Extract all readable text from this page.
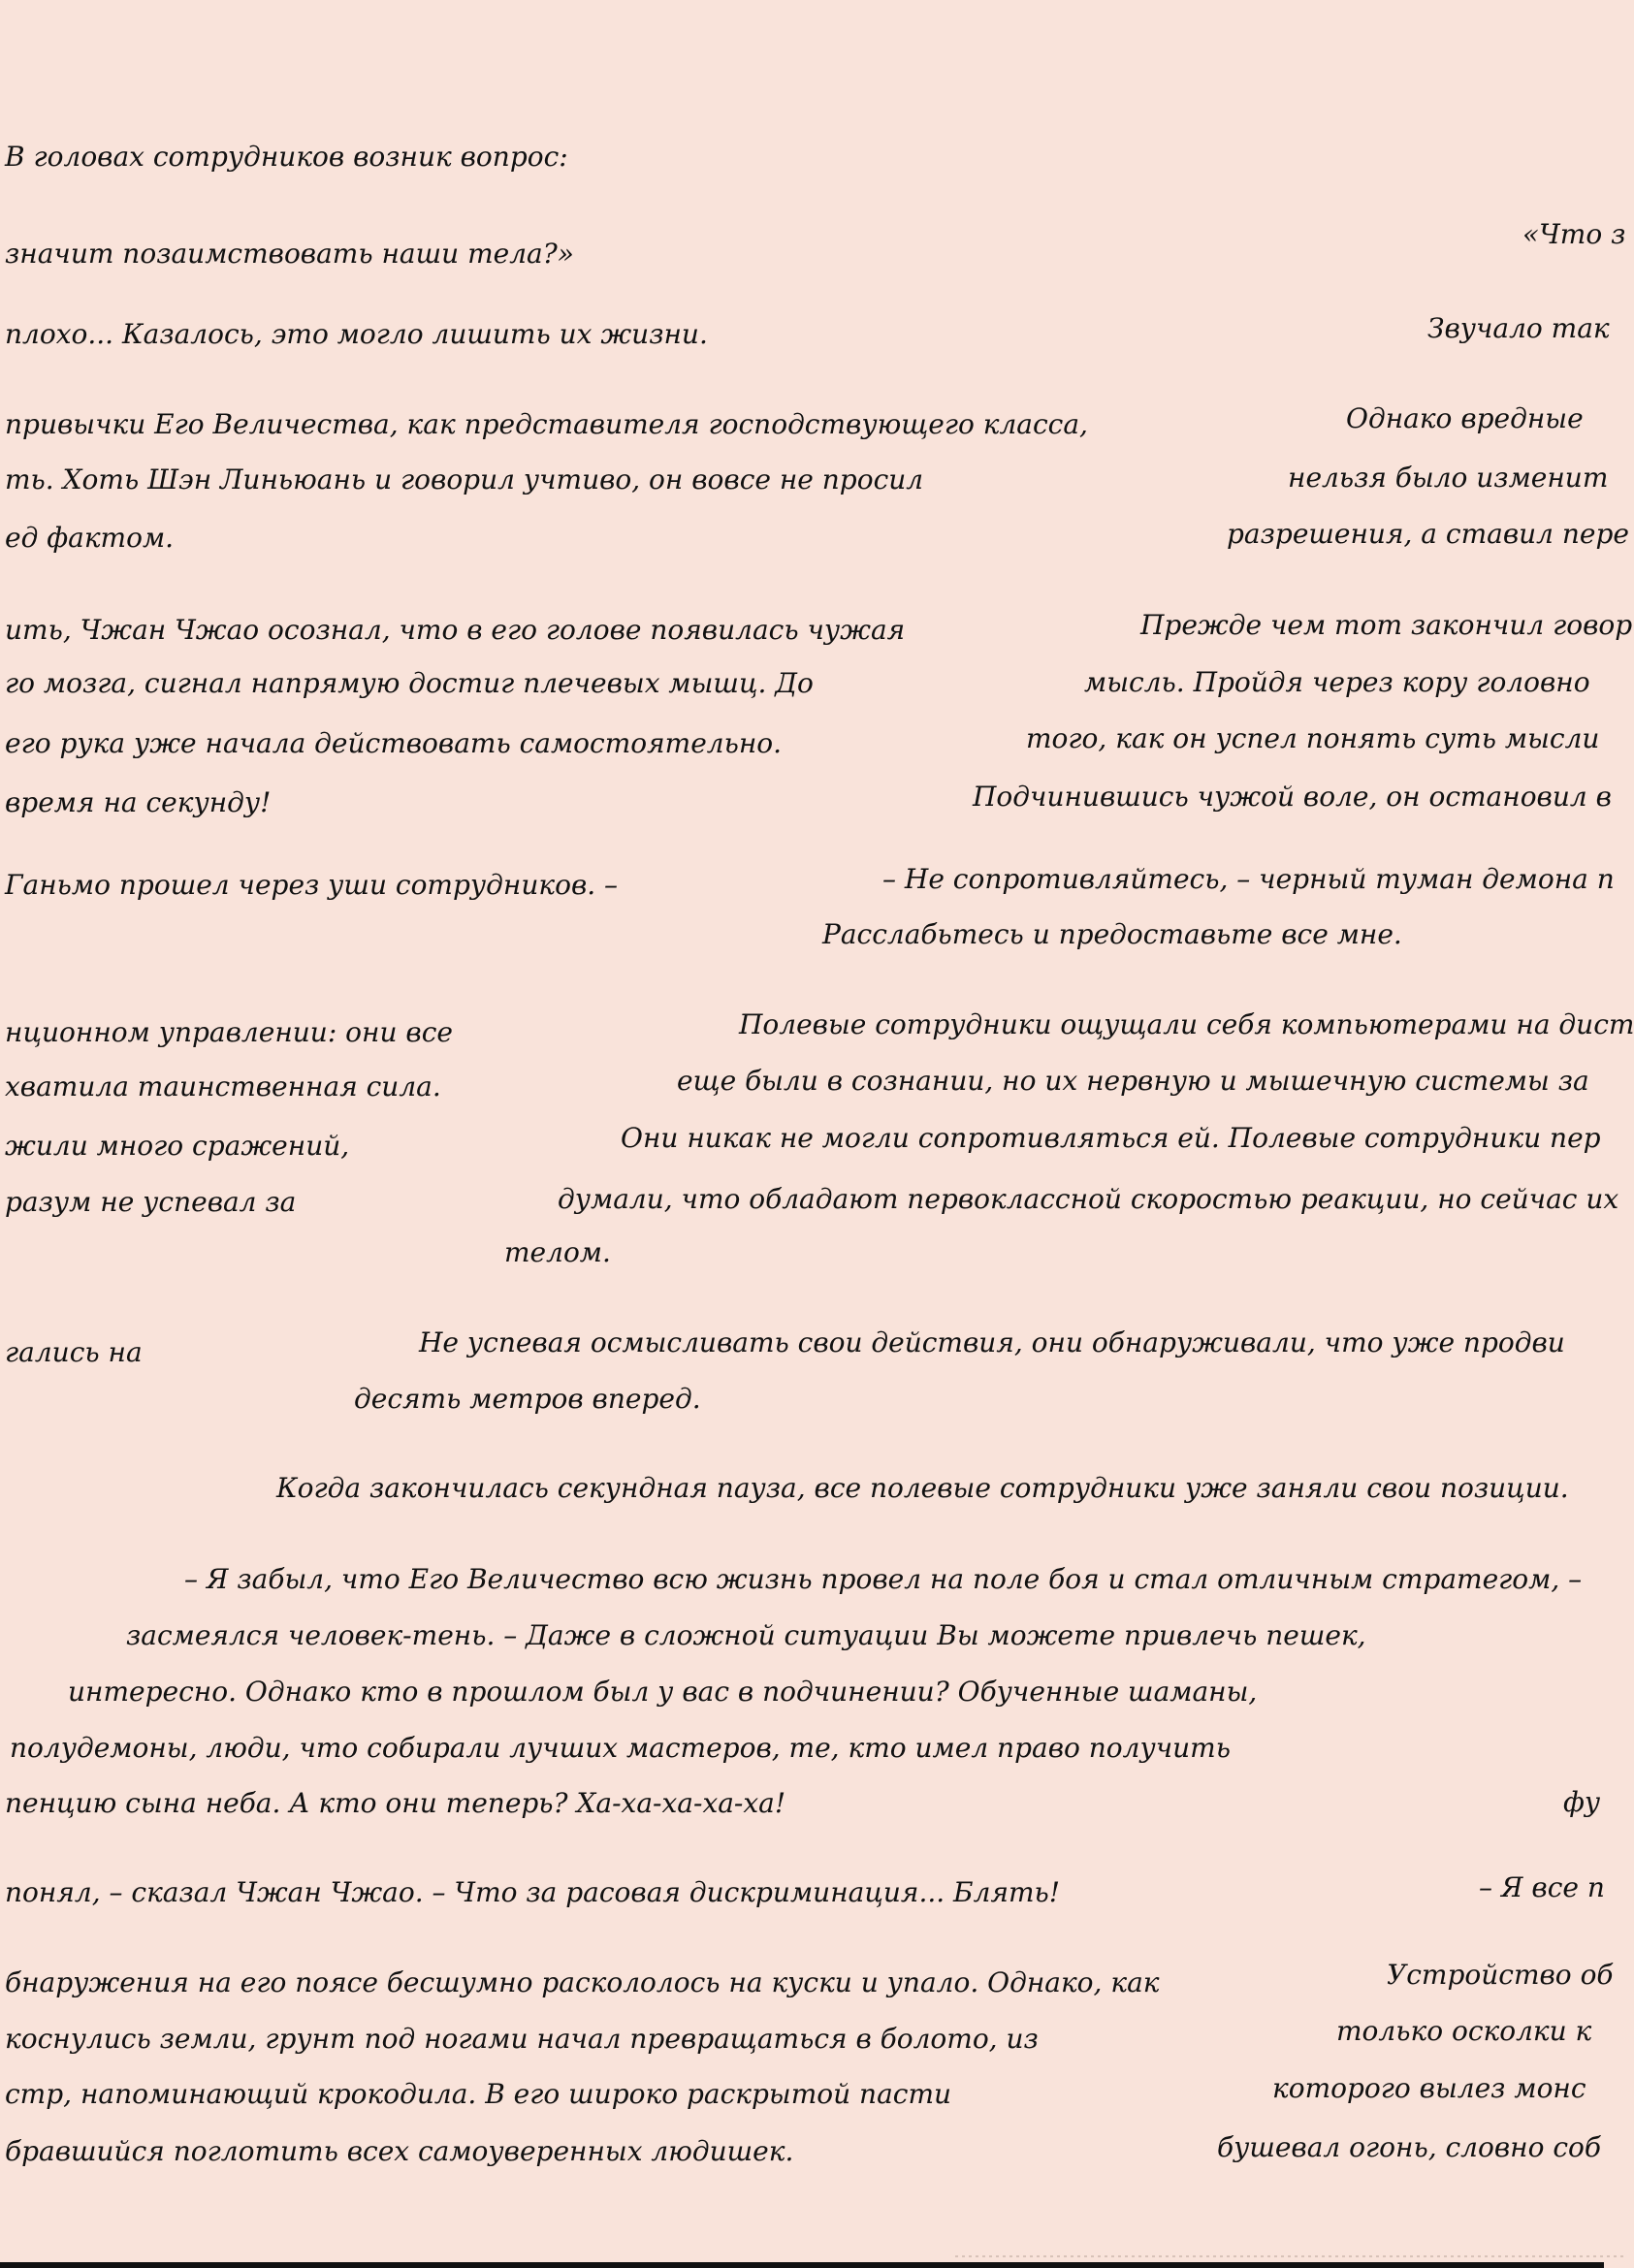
В головах сотрудников возник вопрос:
«Что з
значит позаимствовать наши тела?»
Звучало так
плохо... Казалось, это могло лишить их жизни.
Однако вредные
привычки Его Величества, как представителя господствующего класса,
нельзя было изменит
ть. Хоть Шэн Линьюань и говорил учтиво, он вовсе не просил
разрешения, а ставил пере
ед фактом.
Прежде чем тот закончил говор
ить, Чжан Чжао осознал, что в его голове появилась чужая
мысль. Пройдя через кору головно
го мозга, сигнал напрямую достиг плечевых мышц. До
того, как он успел понять суть мысли
его рука уже начала действовать самостоятельно.
Подчинившись чужой воле, он остановил в
время на секунду!
– Не сопротивляйтесь, – черный туман демона п
Ганьмо прошел через уши сотрудников. –
Расслабьтесь и предоставьте все мне.
Полевые сотрудники ощущали себя компьютерами на дист
нционном управлении: они все
еще были в сознании, но их нервную и мышечную системы за
хватила таинственная сила.
Они никак не могли сопротивляться ей. Полевые сотрудники пер
жили много сражений,
думали, что обладают первоклассной скоростью реакции, но сейчас их
разум не успевал за
телом.
Не успевая осмысливать свои действия, они обнаруживали, что уже продви
гались на
десять метров вперед.
Когда закончилась секундная пауза, все полевые сотрудники уже заняли свои позиции.
– Я забыл, что Его Величество всю жизнь провел на поле боя и стал отличным стратегом, –
засмеялся человек-тень. – Даже в сложной ситуации Вы можете привлечь пешек,
интересно. Однако кто в прошлом был у вас в подчинении? Обученные шаманы,
полудемоны, люди, что собирали лучших мастеров, те, кто имел право получить
фу
пенцию сына неба. А кто они теперь? Ха-ха-ха-ха-ха!
– Я все п
понял, – сказал Чжан Чжао. – Что за расовая дискриминация... Блять!
Устройство об
бнаружения на его поясе бесшумно раскололось на куски и упало. Однако, как
только осколки к
коснулись земли, грунт под ногами начал превращаться в болото, из
которого вылез монс
стр, напоминающий крокодила. В его широко раскрытой пасти
бушевал огонь, словно соб
бравшийся поглотить всех самоуверенных людишек.
